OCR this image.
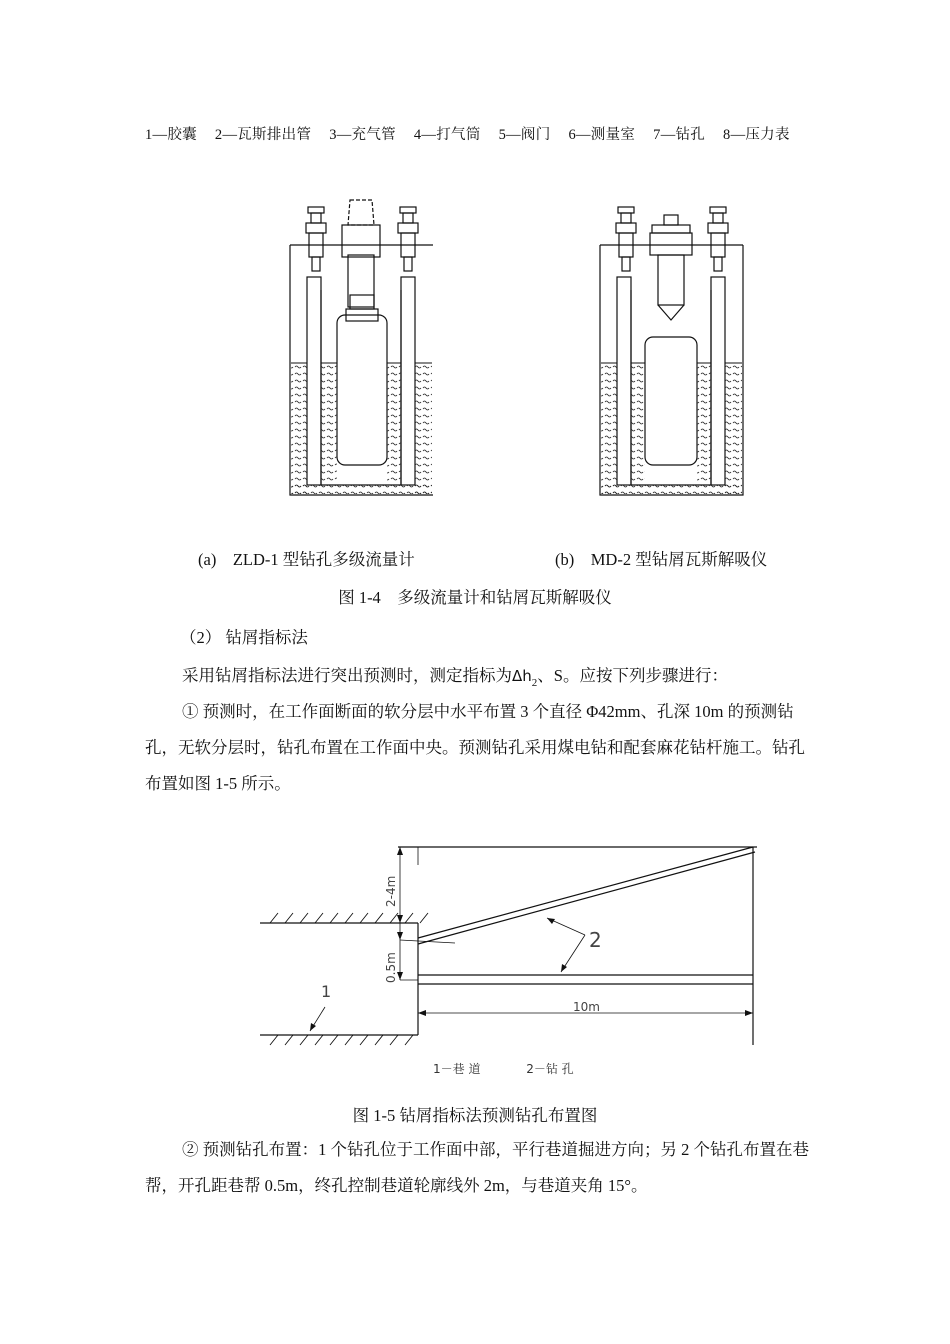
1—胶囊 2—瓦斯排出管 3—充气管 4—打气筒 5—阀门 6—测量室 7—钻孔 8—压力表
(a)    ZLD-1 型钻孔多级流量计	(b)    MD-2 型钻屑瓦斯解吸仪
图 1-4    多级流量计和钻屑瓦斯解吸仪
（2） 钻屑指标法
采用钻屑指标法进行突出预测时，测定指标为$\Delta h_2$、S。应按下列步骤进行：
① 预测时，在工作面断面的软分层中水平布置 3 个直径 Φ42mm、孔深 10m 的预测钻孔，无软分层时，钻孔布置在工作面中央。预测钻孔采用煤电钻和配套麻花钻杆施工。钻孔布置如图 1-5 所示。
2-4m
0.5m
10m
1
2
1－巷 道            2－钻 孔
图 1-5 钻屑指标法预测钻孔布置图
② 预测钻孔布置：1 个钻孔位于工作面中部，平行巷道掘进方向；另 2 个钻孔布置在巷帮，开孔距巷帮 0.5m，终孔控制巷道轮廓线外 2m，与巷道夹角 15°。
